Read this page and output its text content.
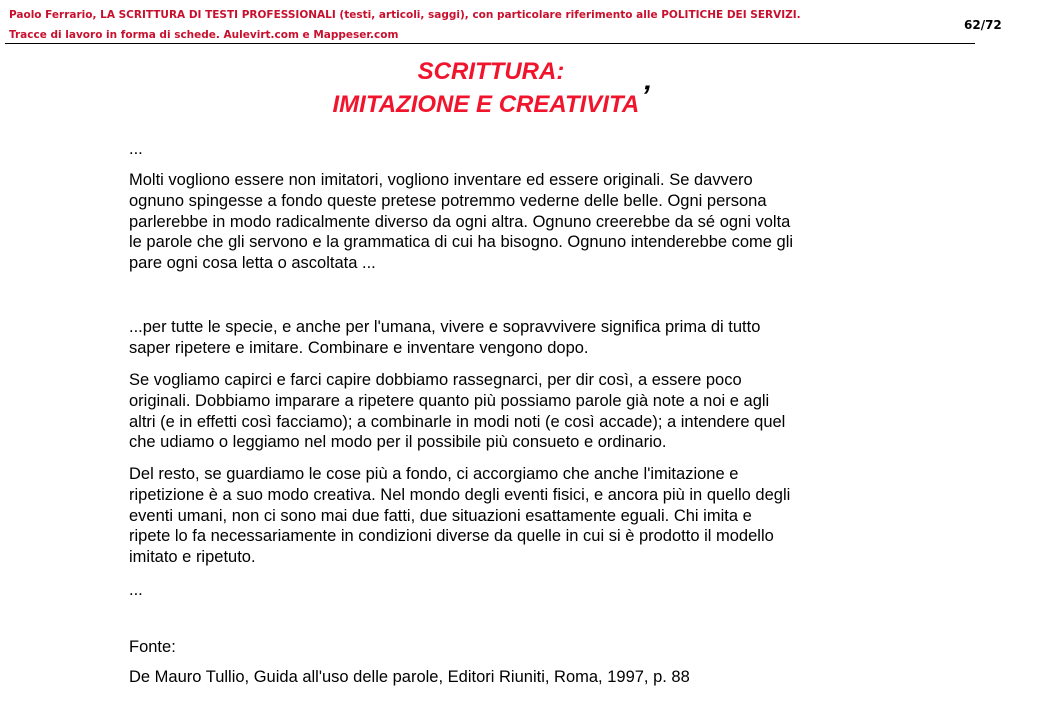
Paolo Ferrario, LA SCRITTURA DI TESTI PROFESSIONALI (testi, articoli, saggi), con particolare riferimento alle POLITICHE DEI SERVIZI.
Tracce di lavoro in forma di schede. Aulevirt.com e Mappeser.com
62/72
SCRITTURA:
IMITAZIONE E CREATIVITA’
...
Molti vogliono essere non imitatori, vogliono inventare ed essere originali. Se davvero
ognuno spingesse a fondo queste pretese potremmo vederne delle belle. Ogni persona
parlerebbe in modo radicalmente diverso da ogni altra. Ognuno creerebbe da sé ogni volta
le parole che gli servono e la grammatica di cui ha bisogno. Ognuno intenderebbe come gli
pare ogni cosa letta o ascoltata ...
...per tutte le specie, e anche per l'umana, vivere e sopravvivere significa prima di tutto
saper ripetere e imitare. Combinare e inventare vengono dopo.
Se vogliamo capirci e farci capire dobbiamo rassegnarci, per dir così, a essere poco
originali. Dobbiamo imparare a ripetere quanto più possiamo parole già note a noi e agli
altri (e in effetti così facciamo); a combinarle in modi noti (e così accade); a intendere quel
che udiamo o leggiamo nel modo per il possibile più consueto e ordinario.
Del resto, se guardiamo le cose più a fondo, ci accorgiamo che anche l'imitazione e
ripetizione è a suo modo creativa. Nel mondo degli eventi fisici, e ancora più in quello degli
eventi umani, non ci sono mai due fatti, due situazioni esattamente eguali. Chi imita e
ripete lo fa necessariamente in condizioni diverse da quelle in cui si è prodotto il modello
imitato e ripetuto.
...
Fonte:
De Mauro Tullio, Guida all'uso delle parole, Editori Riuniti, Roma, 1997, p. 88
